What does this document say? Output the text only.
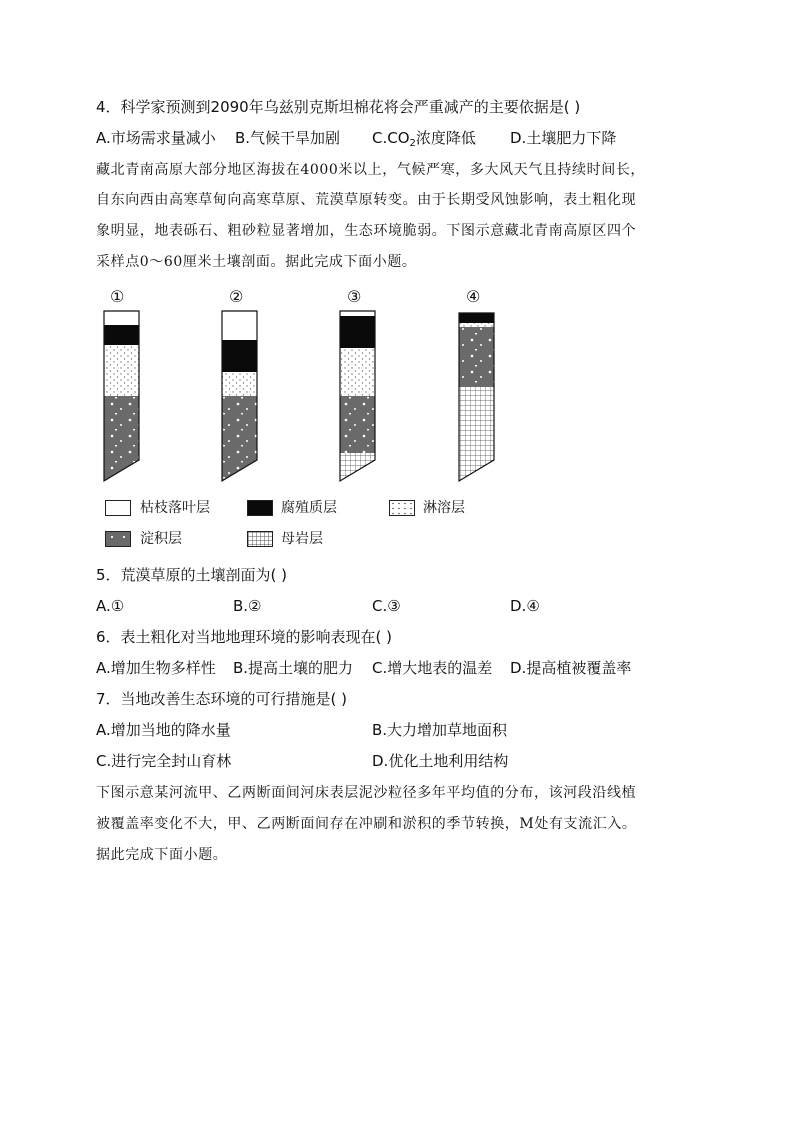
4．科学家预测到2090年乌兹别克斯坦棉花将会严重减产的主要依据是( )
A.市场需求量减小 B.气候干旱加剧 $C.CO_2$浓度降低 D.土壤肥力下降
藏北青南高原大部分地区海拔在4000米以上，气候严寒，多大风天气且持续时间长，
自东向西由高寒草甸向高寒草原、荒漠草原转变。由于长期受风蚀影响，表土粗化现
象明显，地表砾石、粗砂粒显著增加，生态环境脆弱。下图示意藏北青南高原区四个
采样点0～60厘米土壤剖面。据此完成下面小题。
①	②	③	④
枯枝落叶层	腐殖质层	淋溶层
淀积层	母岩层
5．荒漠草原的土壤剖面为( )
A.①	B.②	C.③	D.④
6．表土粗化对当地地理环境的影响表现在( )
A.增加生物多样性 B.提高土壤的肥力 C.增大地表的温差 D.提高植被覆盖率
7．当地改善生态环境的可行措施是( )
A.增加当地的降水量	B.大力增加草地面积
C.进行完全封山育林	D.优化土地利用结构
下图示意某河流甲、乙两断面间河床表层泥沙粒径多年平均值的分布，该河段沿线植
被覆盖率变化不大，甲、乙两断面间存在冲刷和淤积的季节转换，M处有支流汇入。
据此完成下面小题。
